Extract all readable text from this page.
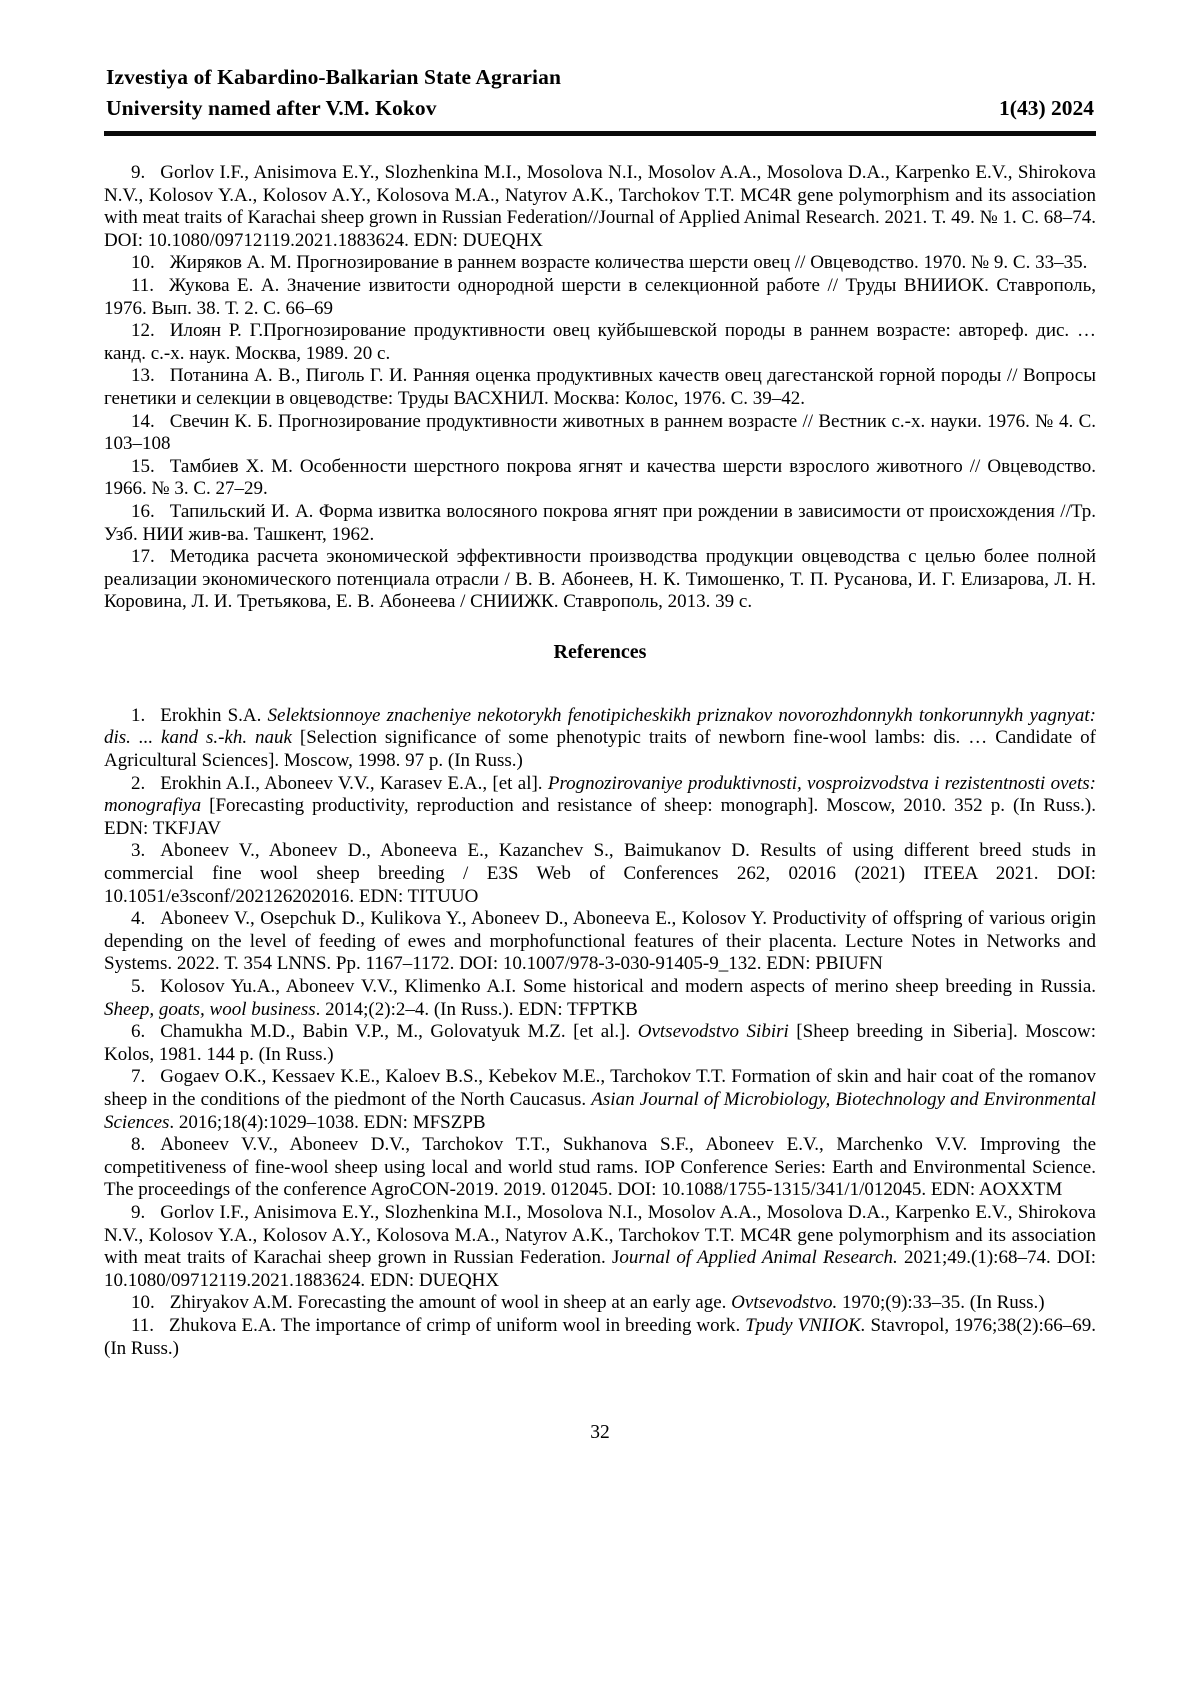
Izvestiya of Kabardino-Balkarian State Agrarian
University named after V.M. Kokov	1(43) 2024

9. Gorlov I.F., Anisimova E.Y., Slozhenkina M.I., Mosolova N.I., Mosolov A.A., Mosolova D.A., Karpenko E.V., Shirokova N.V., Kolosov Y.A., Kolosov A.Y., Kolosova M.A., Natyrov A.K., Tarchokov T.T. MC4R gene polymorphism and its association with meat traits of Karachai sheep grown in Russian Federation//Journal of Applied Animal Research. 2021. Т. 49. № 1. С. 68–74. DOI: 10.1080/09712119.2021.1883624. EDN: DUEQHX

10. Жиряков А. М. Прогнозирование в раннем возрасте количества шерсти овец // Овцеводство. 1970. № 9. С. 33–35.

11. Жукова Е. А. Значение извитости однородной шерсти в селекционной работе // Труды ВНИИОК. Ставрополь, 1976. Вып. 38. Т. 2. С. 66–69

12. Илоян Р. Г.Прогнозирование продуктивности овец куйбышевской породы в раннем возрасте: автореф. дис. … канд. с.-х. наук. Москва, 1989. 20 с.

13. Потанина А. В., Пиголь Г. И. Ранняя оценка продуктивных качеств овец дагестанской горной породы // Вопросы генетики и селекции в овцеводстве: Труды ВАСХНИЛ. Москва: Колос, 1976. С. 39–42.

14. Свечин К. Б. Прогнозирование продуктивности животных в раннем возрасте // Вестник с.-х. науки. 1976. № 4. С. 103–108

15. Тамбиев Х. М. Особенности шерстного покрова ягнят и качества шерсти взрослого животного // Овцеводство. 1966. № 3. С. 27–29.

16. Тапильский И. А. Форма извитка волосяного покрова ягнят при рождении в зависимости от происхождения //Тр. Узб. НИИ жив-ва. Ташкент, 1962.

17. Методика расчета экономической эффективности производства продукции овцеводства с целью более полной реализации экономического потенциала отрасли / В. В. Абонеев, Н. К. Тимошенко, Т. П. Русанова, И. Г. Елизарова, Л. Н. Коровина, Л. И. Третьякова, Е. В. Абонеева / СНИИЖК. Ставрополь, 2013. 39 с.

References

1. Erokhin S.A. Selektsionnoye znacheniye nekotorykh fenotipicheskikh priznakov novorozhdonnykh tonkorunnykh yagnyat: dis. ... kand s.-kh. nauk [Selection significance of some phenotypic traits of newborn fine-wool lambs: dis. … Candidate of Agricultural Sciences]. Moscow, 1998. 97 p. (In Russ.)

2. Erokhin A.I., Aboneev V.V., Karasev E.A., [et al]. Prognozirovaniye produktivnosti, vosproizvodstva i rezistentnosti ovets: monografiya [Forecasting productivity, reproduction and resistance of sheep: monograph]. Moscow, 2010. 352 p. (In Russ.). EDN: TKFJAV

3. Aboneev V., Aboneev D., Aboneeva E., Kazanchev S., Baimukanov D. Results of using different breed studs in commercial fine wool sheep breeding / E3S Web of Conferences 262, 02016 (2021) ITEEA 2021. DOI: 10.1051/e3sconf/202126202016. EDN: TITUUO

4. Aboneev V., Osepchuk D., Kulikova Y., Aboneev D., Aboneeva E., Kolosov Y. Productivity of offspring of various origin depending on the level of feeding of ewes and morphofunctional features of their placenta. Lecture Notes in Networks and Systems. 2022. Т. 354 LNNS. Pp. 1167–1172. DOI: 10.1007/978-3-030-91405-9_132. EDN: PBIUFN

5. Kolosov Yu.A., Aboneev V.V., Klimenko A.I. Some historical and modern aspects of merino sheep breeding in Russia. Sheep, goats, wool business. 2014;(2):2–4. (In Russ.). EDN: TFPTKB

6. Chamukha M.D., Babin V.P., M., Golovatyuk M.Z. [et al.]. Ovtsevodstvo Sibiri [Sheep breeding in Siberia]. Moscow: Kolos, 1981. 144 p. (In Russ.)

7. Gogaev O.K., Kessaev K.E., Kaloev B.S., Kebekov M.E., Tarchokov T.T. Formation of skin and hair coat of the romanov sheep in the conditions of the piedmont of the North Caucasus. Asian Journal of Microbiology, Biotechnology and Environmental Sciences. 2016;18(4):1029–1038. EDN: MFSZPB

8. Aboneev V.V., Aboneev D.V., Tarchokov T.T., Sukhanova S.F., Aboneev E.V., Marchenko V.V. Improving the competitiveness of fine-wool sheep using local and world stud rams. IOP Conference Series: Earth and Environmental Science. The proceedings of the conference AgroCON-2019. 2019. 012045. DOI: 10.1088/1755-1315/341/1/012045. EDN: AOXXTM

9. Gorlov I.F., Anisimova E.Y., Slozhenkina M.I., Mosolova N.I., Mosolov A.A., Mosolova D.A., Karpenko E.V., Shirokova N.V., Kolosov Y.A., Kolosov A.Y., Kolosova M.A., Natyrov A.K., Tarchokov T.T. MC4R gene polymorphism and its association with meat traits of Karachai sheep grown in Russian Federation. Journal of Applied Animal Research. 2021;49.(1):68–74. DOI: 10.1080/09712119.2021.1883624. EDN: DUEQHX

10. Zhiryakov A.M. Forecasting the amount of wool in sheep at an early age. Ovtsevodstvo. 1970;(9):33–35. (In Russ.)

11. Zhukova E.A. The importance of crimp of uniform wool in breeding work. Tpudy VNIIOK. Stavropol, 1976;38(2):66–69. (In Russ.)

32
